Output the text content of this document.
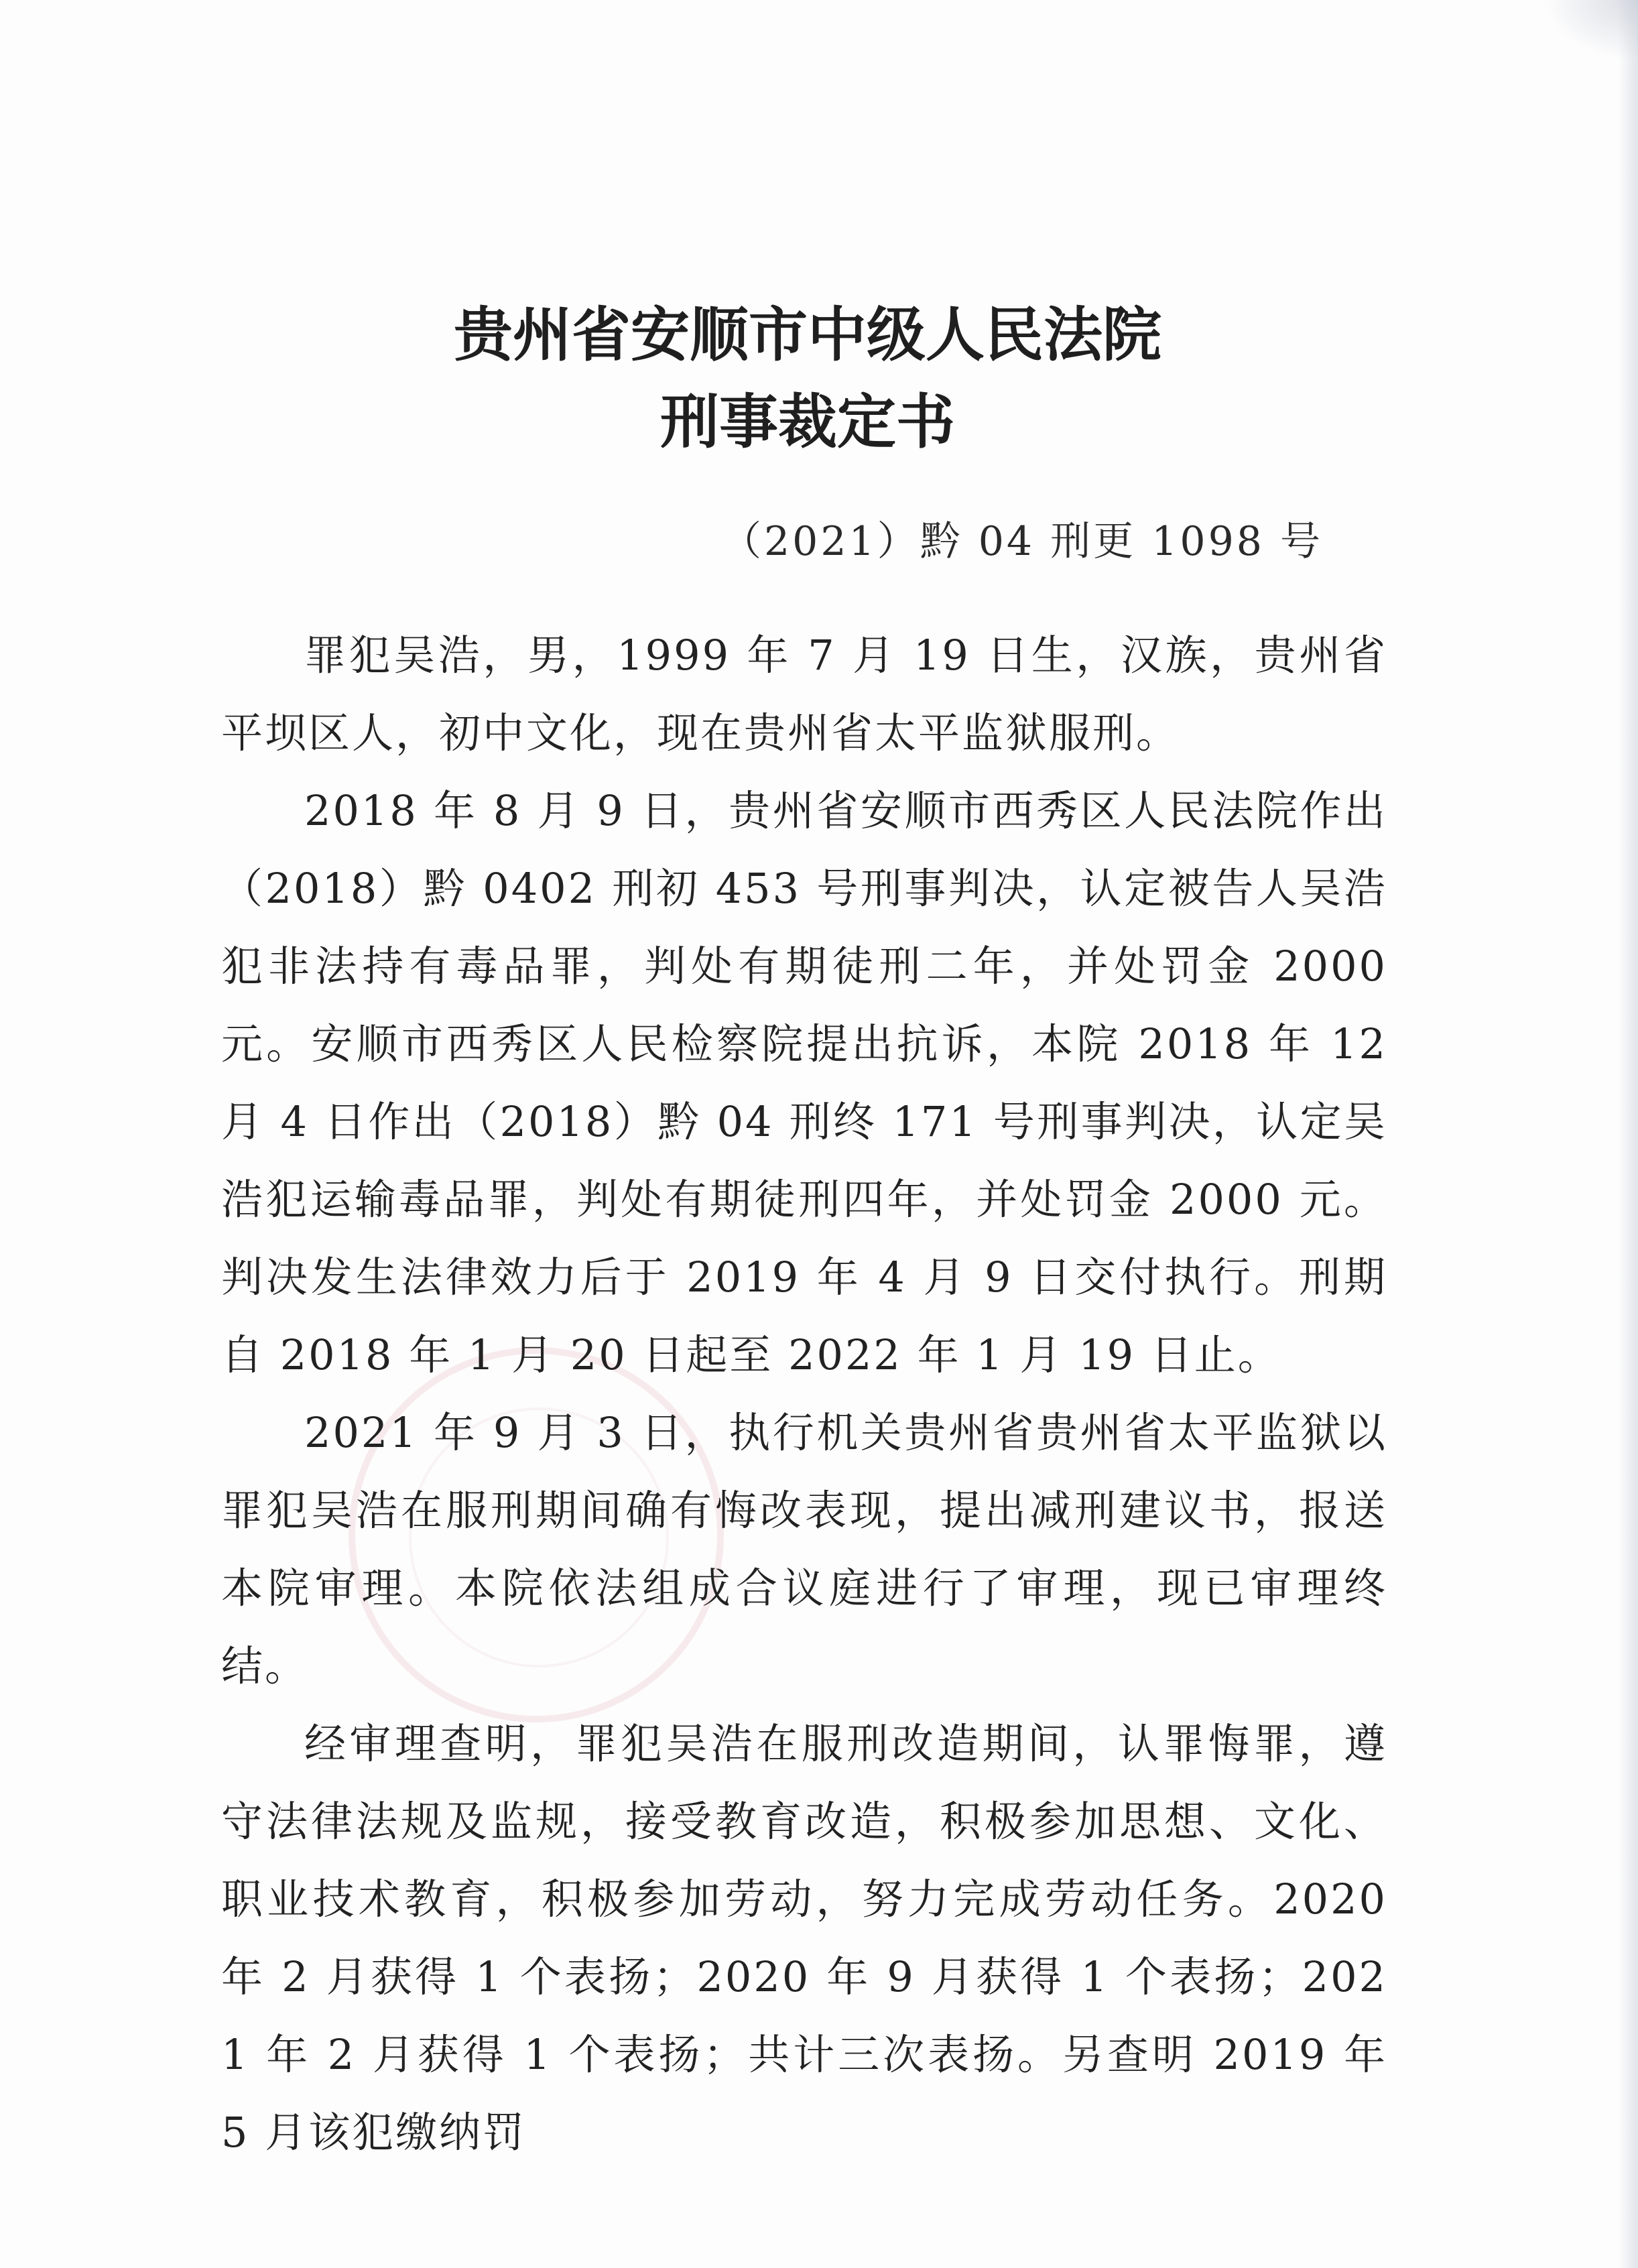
贵州省安顺市中级人民法院
刑事裁定书
（2021）黔 04 刑更 1098 号

罪犯吴浩，男，1999 年 7 月 19 日生，汉族，贵州省平坝区人，初中文化，现在贵州省太平监狱服刑。

2018 年 8 月 9 日，贵州省安顺市西秀区人民法院作出（2018）黔 0402 刑初 453 号刑事判决，认定被告人吴浩犯非法持有毒品罪，判处有期徒刑二年，并处罚金 2000 元。安顺市西秀区人民检察院提出抗诉，本院 2018 年 12 月 4 日作出（2018）黔 04 刑终 171 号刑事判决，认定吴浩犯运输毒品罪，判处有期徒刑四年，并处罚金 2000 元。判决发生法律效力后于 2019 年 4 月 9 日交付执行。刑期自 2018 年 1 月 20 日起至 2022 年 1 月 19 日止。

2021 年 9 月 3 日，执行机关贵州省贵州省太平监狱以罪犯吴浩在服刑期间确有悔改表现，提出减刑建议书，报送本院审理。本院依法组成合议庭进行了审理，现已审理终结。

经审理查明，罪犯吴浩在服刑改造期间，认罪悔罪，遵守法律法规及监规，接受教育改造，积极参加思想、文化、职业技术教育，积极参加劳动，努力完成劳动任务。2020 年 2 月获得 1 个表扬；2020 年 9 月获得 1 个表扬；2021 年 2 月获得 1 个表扬；共计三次表扬。另查明 2019 年 5 月该犯缴纳罚
